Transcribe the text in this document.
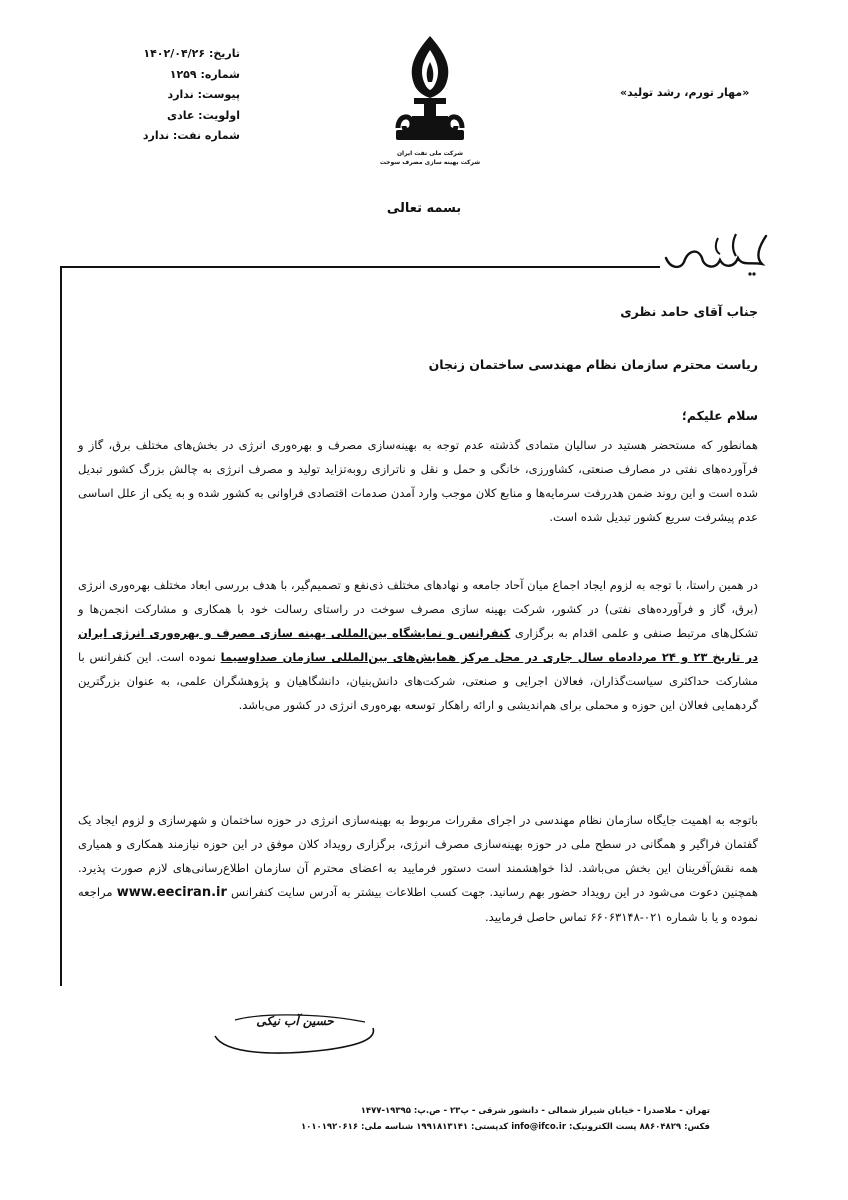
تاریخ: ۱۴۰۲/۰۴/۲۶
شماره: ۱۲۵۹
پیوست: ندارد
اولویت: عادی
شماره نفت: ندارد
شرکت ملی نفت ایران
شرکت بهینه سازی مصرف سوخت
«مهار تورم، رشد تولید»
بسمه تعالی
جناب آقای حامد نظری
ریاست محترم سازمان نظام مهندسی ساختمان زنجان
سلام علیکم؛
همانطور که مستحضر هستید در سالیان متمادی گذشته عدم توجه به بهینه‌سازی مصرف و بهره‌وری انرژی در بخش‌های مختلف برق، گاز و فرآورده‌های نفتی در مصارف صنعتی، کشاورزی، خانگی و حمل و نقل و ناترازی روبه‌تزاید تولید و مصرف انرژی به چالش بزرگ کشور تبدیل شده است و این روند ضمن هدررفت سرمایه‌ها و منابع کلان موجب وارد آمدن صدمات اقتصادی فراوانی به کشور شده و به یکی از علل اساسی عدم پیشرفت سریع کشور تبدیل شده است.
در همین راستا، با توجه به لزوم ایجاد اجماع میان آحاد جامعه و نهادهای مختلف ذی‌نفع و تصمیم‌گیر، با هدف بررسی ابعاد مختلف بهره‌وری انرژی (برق، گاز و فرآورده‌های نفتی) در کشور، شرکت بهینه سازی مصرف سوخت در راستای رسالت خود با همکاری و مشارکت انجمن‌ها و تشکل‌های مرتبط صنفی و علمی اقدام به برگزاری کنفرانس و نمایشگاه بین‌المللی بهینه سازی مصرف و بهره‌وری انرژی ایران در تاریخ ۲۳ و ۲۴ مردادماه سال جاری در محل مرکز همایش‌های بین‌المللی سازمان صداوسیما نموده است. این کنفرانس با مشارکت حداکثری سیاست‌گذاران، فعالان اجرایی و صنعتی، شرکت‌های دانش‌بنیان، دانشگاهیان و پژوهشگران علمی، به عنوان بزرگترین گردهمایی فعالان این حوزه و محملی برای هم‌اندیشی و ارائه راهکار توسعه بهره‌وری انرژی در کشور می‌باشد.
باتوجه به اهمیت جایگاه سازمان نظام مهندسی در اجرای مقررات مربوط به بهینه‌سازی انرژی در حوزه ساختمان و شهرسازی و لزوم ایجاد یک گفتمان فراگیر و همگانی در سطح ملی در حوزه بهینه‌سازی مصرف انرژی، برگزاری رویداد کلان موفق در این حوزه نیازمند همکاری و همیاری همه نقش‌آفرینان این بخش می‌باشد. لذا خواهشمند است دستور فرمایید به اعضای محترم آن سازمان اطلاع‌رسانی‌های لازم صورت پذیرد. همچنین دعوت می‌شود در این رویداد حضور بهم رسانید. جهت کسب اطلاعات بیشتر به آدرس سایت کنفرانس www.eeciran.ir مراجعه نموده و یا با شماره ۰۲۱-۶۶۰۶۳۱۴۸ تماس حاصل فرمایید.
حسین آب نیکی
تهران - ملاصدرا - خیابان شیراز شمالی - دانشور شرقی - پ۲۳ - ص.پ: ۱۹۳۹۵-۱۴۷۷
فکس: ۸۸۶۰۴۸۲۹ پست الکترونیک: info@ifco.ir کدپستی: ۱۹۹۱۸۱۳۱۴۱ شناسه ملی: ۱۰۱۰۱۹۲۰۶۱۶
